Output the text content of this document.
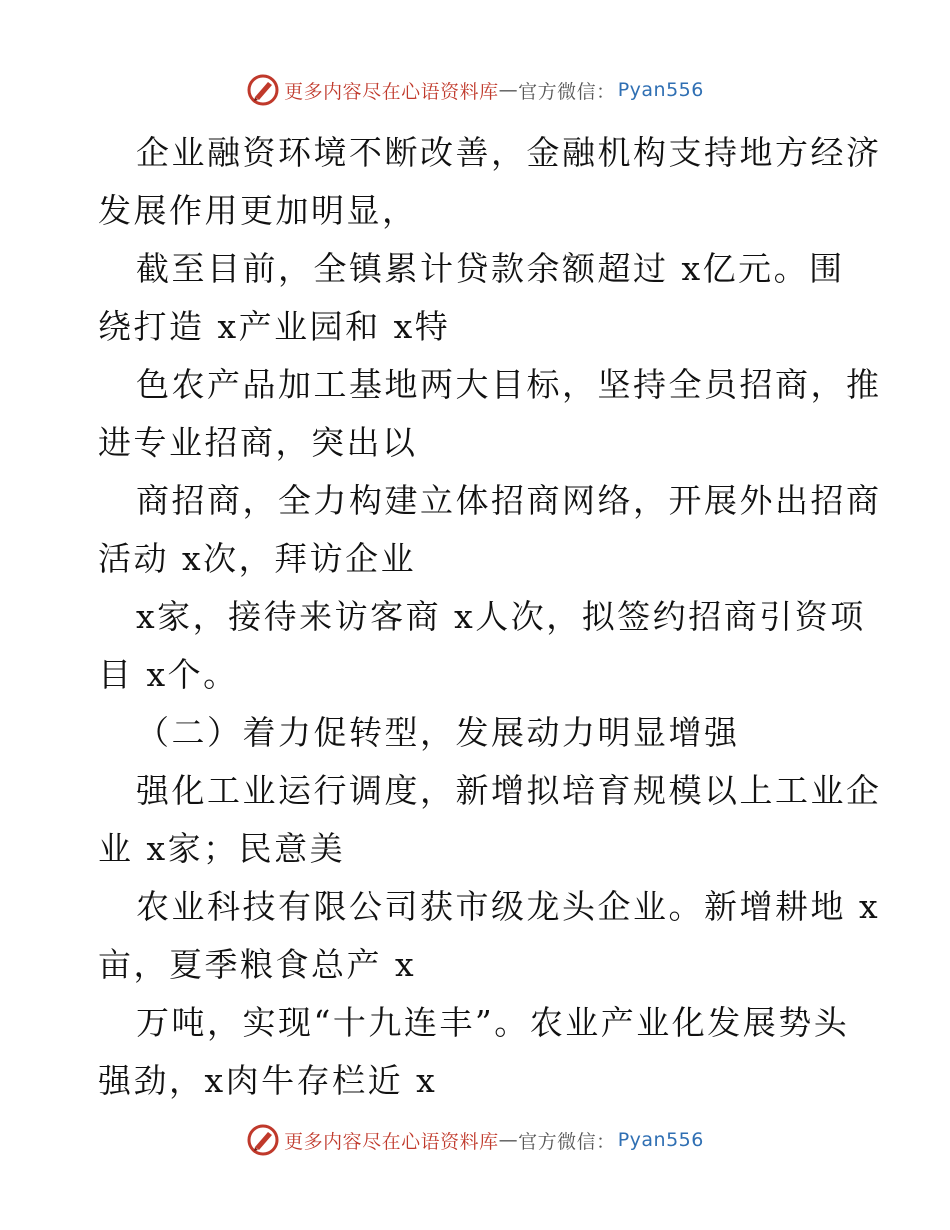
更多内容尽在心语资料库 — 官方微信： Pyan556
企业融资环境不断改善，金融机构支持地方经济
发展作用更加明显，
截至目前，全镇累计贷款余额超过 x亿元。围
绕打造 x产业园和 x特
色农产品加工基地两大目标，坚持全员招商，推
进专业招商，突出以
商招商，全力构建立体招商网络，开展外出招商
活动 x次，拜访企业
x家，接待来访客商 x人次，拟签约招商引资项
目 x个。
（二）着力促转型，发展动力明显增强
强化工业运行调度，新增拟培育规模以上工业企
业 x家；民意美
农业科技有限公司获市级龙头企业。新增耕地 x
亩，夏季粮食总产 x
万吨，实现“十九连丰”。农业产业化发展势头
强劲，x肉牛存栏近 x
更多内容尽在心语资料库 — 官方微信： Pyan556
